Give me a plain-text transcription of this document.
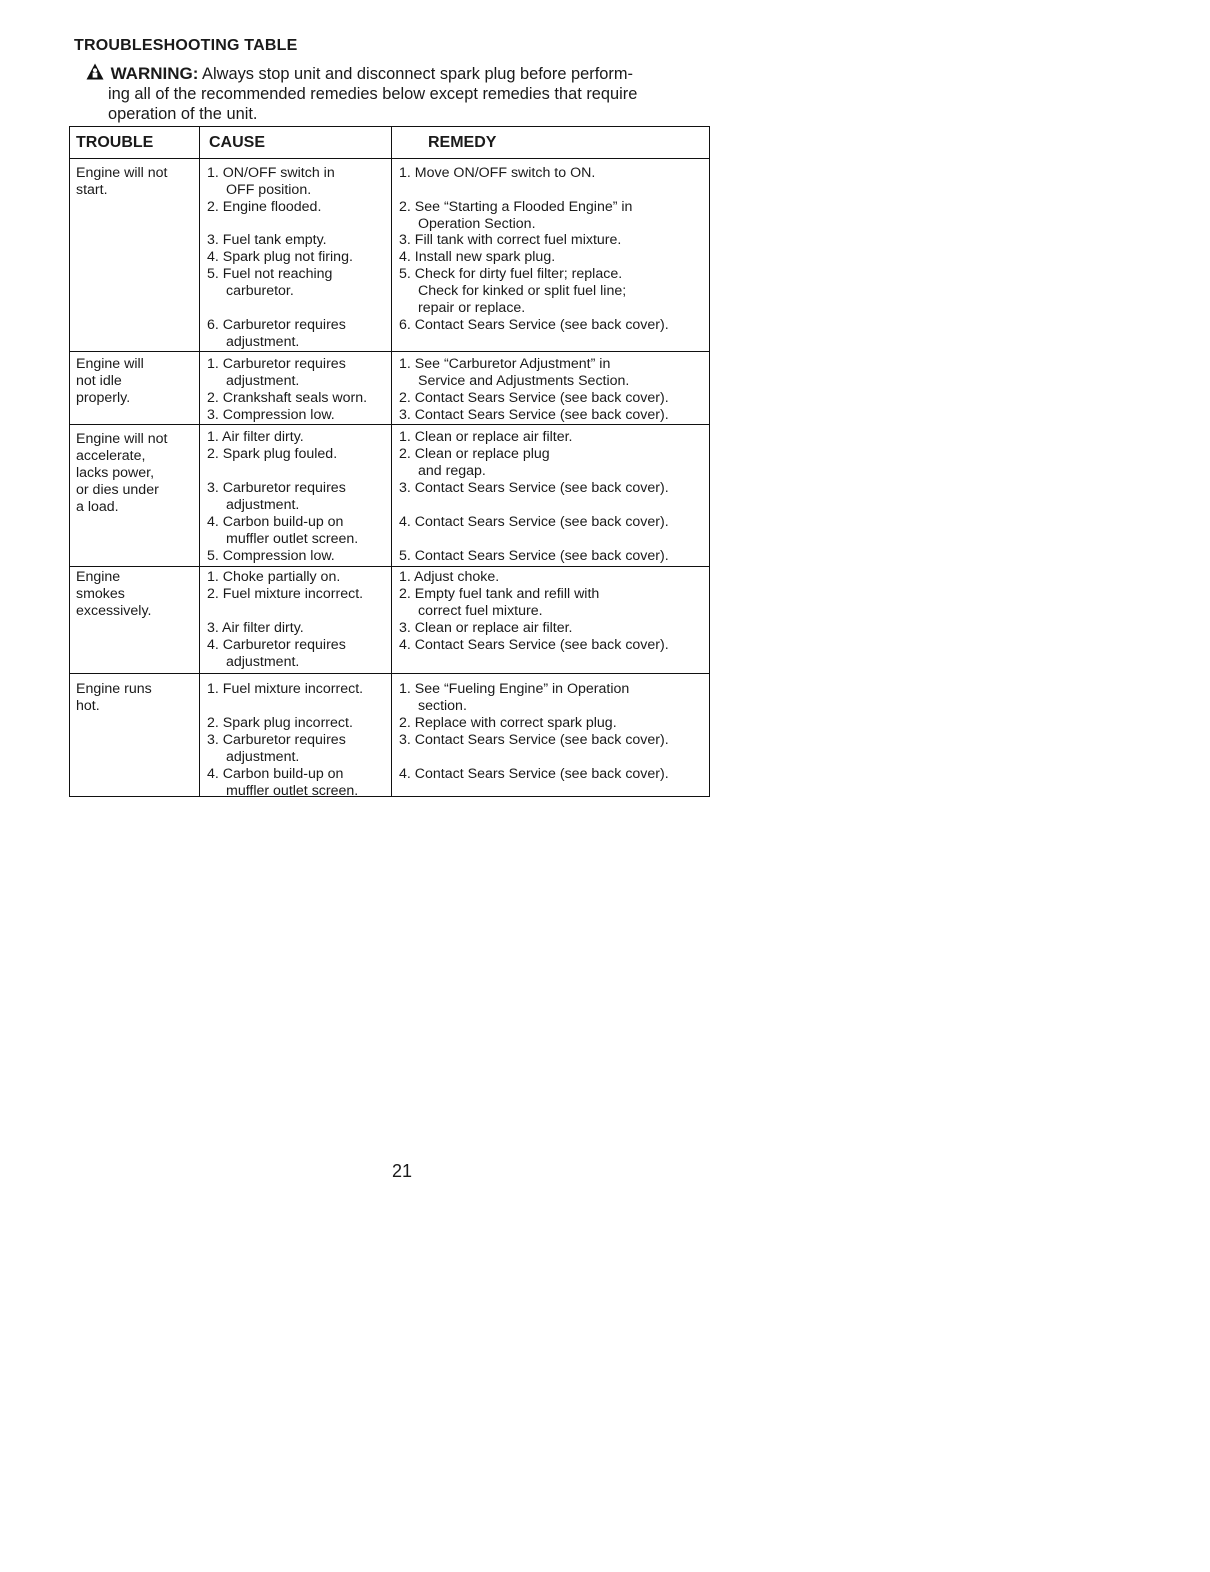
TROUBLESHOOTING TABLE
WARNING: Always stop unit and disconnect spark plug before perform-
ing all of the recommended remedies below except remedies that require
operation of the unit.
TROUBLE	CAUSE	REMEDY
Engine will not
start.
1. ON/OFF switch in
OFF position.
2. Engine flooded.
3. Fuel tank empty.
4. Spark plug not firing.
5. Fuel not reaching
carburetor.
6. Carburetor requires
adjustment.
1. Move ON/OFF switch to ON.
2. See “Starting a Flooded Engine” in
Operation Section.
3. Fill tank with correct fuel mixture.
4. Install new spark plug.
5. Check for dirty fuel filter; replace.
Check for kinked or split fuel line;
repair or replace.
6. Contact Sears Service (see back cover).
Engine will
not idle
properly.
1. Carburetor requires
adjustment.
2. Crankshaft seals worn.
3. Compression low.
1. See “Carburetor Adjustment” in
Service and Adjustments Section.
2. Contact Sears Service (see back cover).
3. Contact Sears Service (see back cover).
Engine will not
accelerate,
lacks power,
or dies under
a load.
1. Air filter dirty.
2. Spark plug fouled.
3. Carburetor requires
adjustment.
4. Carbon build-up on
muffler outlet screen.
5. Compression low.
1. Clean or replace air filter.
2. Clean or replace plug
and regap.
3. Contact Sears Service (see back cover).
4. Contact Sears Service (see back cover).
5. Contact Sears Service (see back cover).
Engine
smokes
excessively.
1. Choke partially on.
2. Fuel mixture incorrect.
3. Air filter dirty.
4. Carburetor requires
adjustment.
1. Adjust choke.
2. Empty fuel tank and refill with
correct fuel mixture.
3. Clean or replace air filter.
4. Contact Sears Service (see back cover).
Engine runs
hot.
1. Fuel mixture incorrect.
2. Spark plug incorrect.
3. Carburetor requires
adjustment.
4. Carbon build-up on
muffler outlet screen.
1. See “Fueling Engine” in Operation
section.
2. Replace with correct spark plug.
3. Contact Sears Service (see back cover).
4. Contact Sears Service (see back cover).
21
